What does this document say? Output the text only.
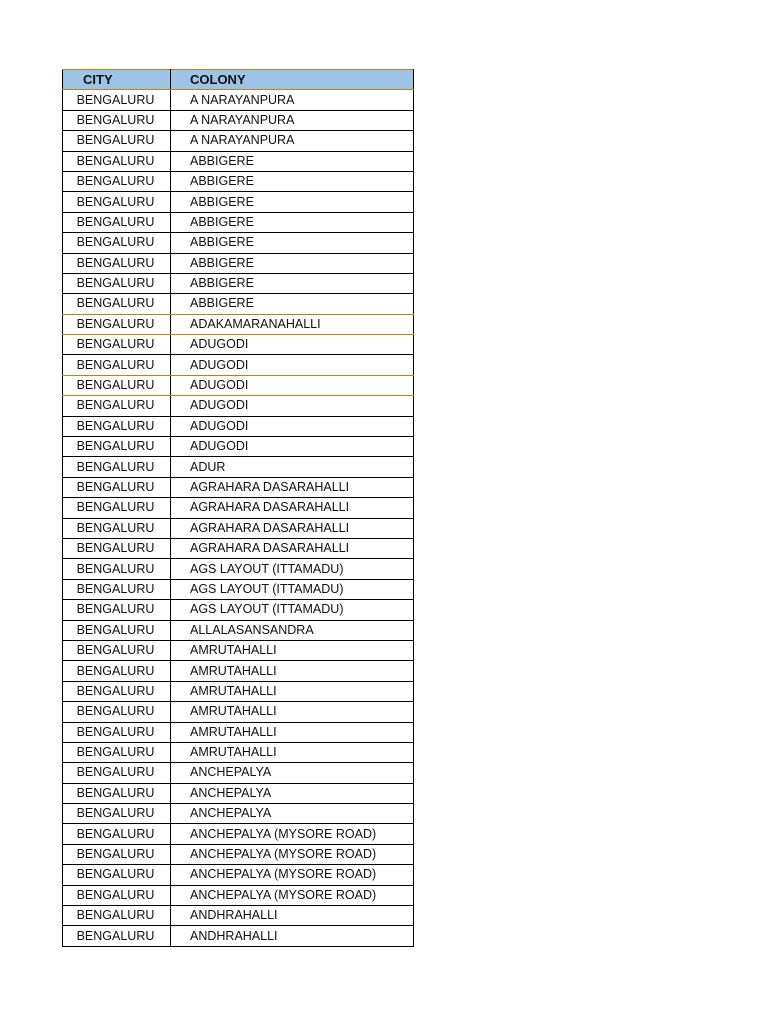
CITY	COLONY
BENGALURU	A NARAYANPURA
BENGALURU	A NARAYANPURA
BENGALURU	A NARAYANPURA
BENGALURU	ABBIGERE
BENGALURU	ABBIGERE
BENGALURU	ABBIGERE
BENGALURU	ABBIGERE
BENGALURU	ABBIGERE
BENGALURU	ABBIGERE
BENGALURU	ABBIGERE
BENGALURU	ABBIGERE
BENGALURU	ADAKAMARANAHALLI
BENGALURU	ADUGODI
BENGALURU	ADUGODI
BENGALURU	ADUGODI
BENGALURU	ADUGODI
BENGALURU	ADUGODI
BENGALURU	ADUGODI
BENGALURU	ADUR
BENGALURU	AGRAHARA DASARAHALLI
BENGALURU	AGRAHARA DASARAHALLI
BENGALURU	AGRAHARA DASARAHALLI
BENGALURU	AGRAHARA DASARAHALLI
BENGALURU	AGS LAYOUT (ITTAMADU)
BENGALURU	AGS LAYOUT (ITTAMADU)
BENGALURU	AGS LAYOUT (ITTAMADU)
BENGALURU	ALLALASANSANDRA
BENGALURU	AMRUTAHALLI
BENGALURU	AMRUTAHALLI
BENGALURU	AMRUTAHALLI
BENGALURU	AMRUTAHALLI
BENGALURU	AMRUTAHALLI
BENGALURU	AMRUTAHALLI
BENGALURU	ANCHEPALYA
BENGALURU	ANCHEPALYA
BENGALURU	ANCHEPALYA
BENGALURU	ANCHEPALYA (MYSORE ROAD)
BENGALURU	ANCHEPALYA (MYSORE ROAD)
BENGALURU	ANCHEPALYA (MYSORE ROAD)
BENGALURU	ANCHEPALYA (MYSORE ROAD)
BENGALURU	ANDHRAHALLI
BENGALURU	ANDHRAHALLI
